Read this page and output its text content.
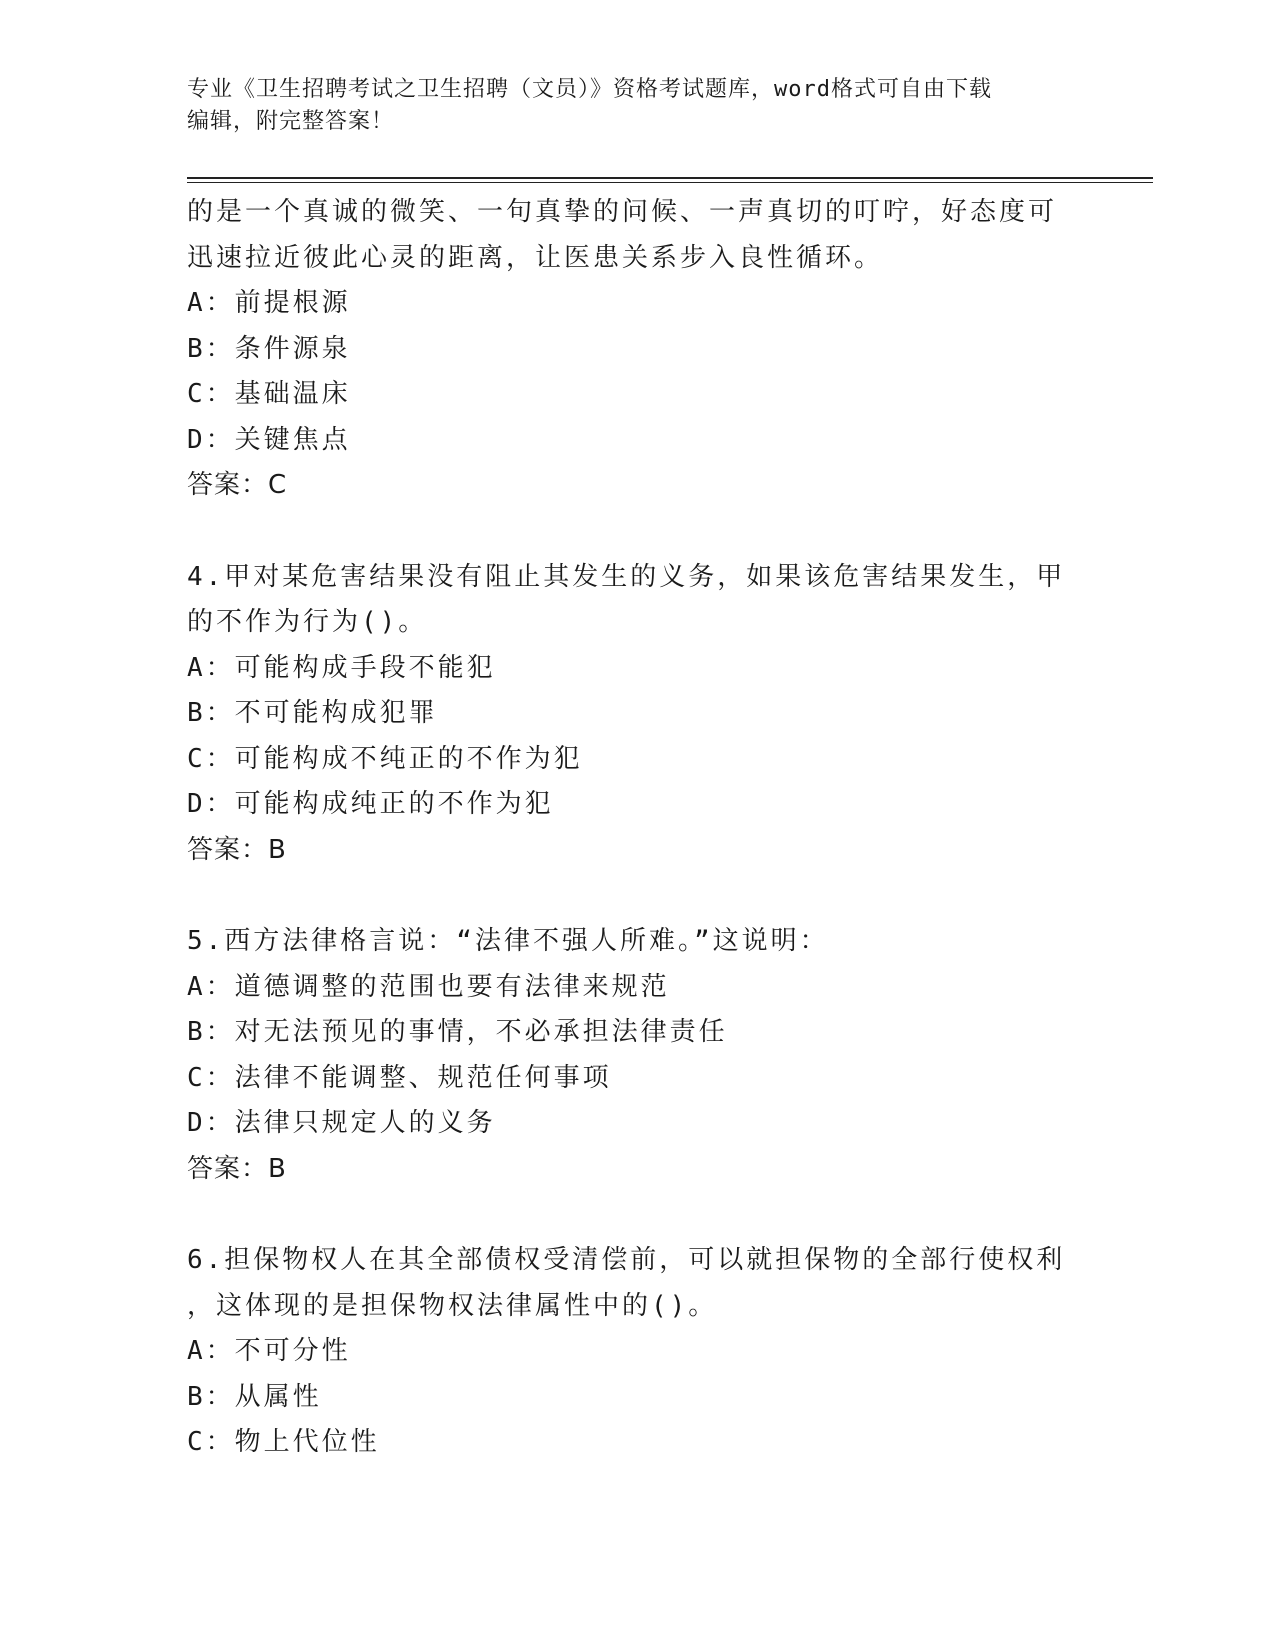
专业《卫生招聘考试之卫生招聘（文员）》资格考试题库，word格式可自由下载

编辑，附完整答案！

的是一个真诚的微笑、一句真挚的问候、一声真切的叮咛，好态度可
迅速拉近彼此心灵的距离，让医患关系步入良性循环。
A：前提根源
B：条件源泉
C：基础温床
D：关键焦点
答案：C
4.甲对某危害结果没有阻止其发生的义务，如果该危害结果发生，甲
的不作为行为()。
A：可能构成手段不能犯
B：不可能构成犯罪
C：可能构成不纯正的不作为犯
D：可能构成纯正的不作为犯
答案：B
5.西方法律格言说：“法律不强人所难。”这说明：
A：道德调整的范围也要有法律来规范
B：对无法预见的事情，不必承担法律责任
C：法律不能调整、规范任何事项
D：法律只规定人的义务
答案：B
6.担保物权人在其全部债权受清偿前，可以就担保物的全部行使权利
，这体现的是担保物权法律属性中的()。
A：不可分性
B：从属性
C：物上代位性
